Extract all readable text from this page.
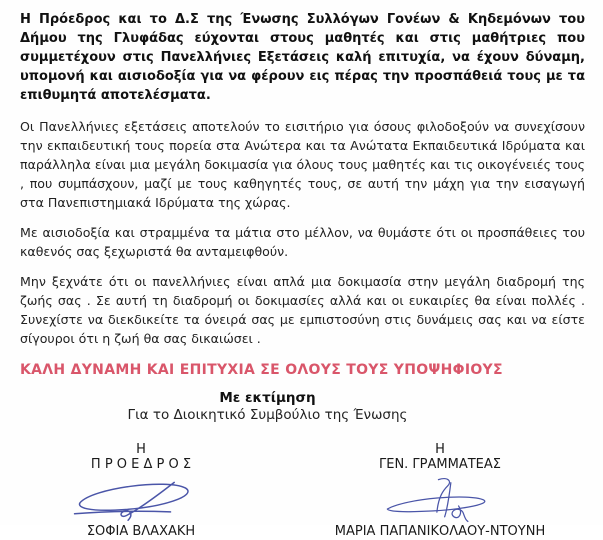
Η Πρόεδρος και το Δ.Σ της Ένωσης Συλλόγων Γονέων & Κηδεμόνων του Δήμου της Γλυφάδας εύχονται στους μαθητές και στις μαθήτριες που συμμετέχουν στις Πανελλήνιες Εξετάσεις καλή επιτυχία, να έχουν δύναμη, υπομονή και αισιοδοξία για να φέρουν εις πέρας την προσπάθειά τους με τα επιθυμητά αποτελέσματα.

Οι Πανελλήνιες εξετάσεις αποτελούν το εισιτήριο για όσους φιλοδοξούν να συνεχίσουν την εκπαιδευτική τους πορεία στα Ανώτερα και τα Ανώτατα Εκπαιδευτικά Ιδρύματα και παράλληλα είναι μια μεγάλη δοκιμασία για όλους τους μαθητές και τις οικογένειές τους , που συμπάσχουν, μαζί με τους καθηγητές τους, σε αυτή την μάχη για την εισαγωγή στα Πανεπιστημιακά Ιδρύματα της χώρας.

Με αισιοδοξία και στραμμένα τα μάτια στο μέλλον, να θυμάστε ότι οι προσπάθειες του καθενός σας ξεχωριστά θα ανταμειφθούν.

Μην ξεχνάτε ότι οι πανελλήνιες είναι απλά μια δοκιμασία στην μεγάλη διαδρομή της ζωής σας . Σε αυτή τη διαδρομή οι δοκιμασίες αλλά και οι ευκαιρίες θα είναι πολλές . Συνεχίστε να διεκδικείτε τα όνειρά σας με εμπιστοσύνη στις δυνάμεις σας και να είστε σίγουροι ότι η ζωή θα σας δικαιώσει .

ΚΑΛΗ ΔΥΝΑΜΗ ΚΑΙ ΕΠΙΤΥΧΙΑ ΣΕ ΟΛΟΥΣ ΤΟΥΣ ΥΠΟΨΗΦΙΟΥΣ

Με εκτίμηση
Για το Διοικητικό Συμβούλιο της Ένωσης
Η
Π Ρ Ο Ε Δ Ρ Ο Σ
ΣΟΦΙΑ ΒΛΑΧΑΚΗ
Η
ΓΕΝ. ΓΡΑΜΜΑΤΕΑΣ
ΜΑΡΙΑ ΠΑΠΑΝΙΚΟΛΑΟΥ-ΝΤΟΥΝΗ
